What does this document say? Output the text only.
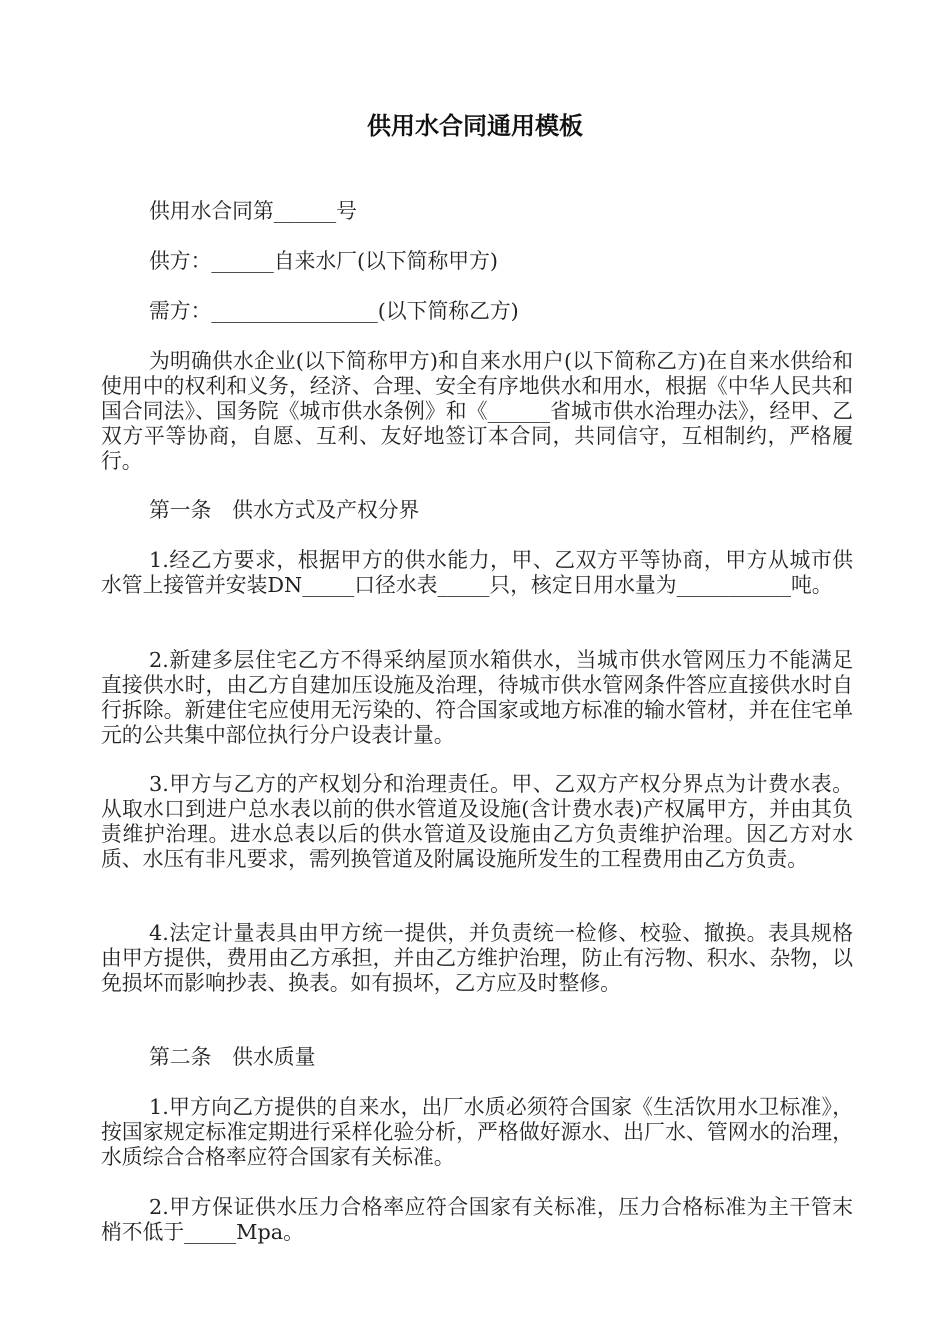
供用水合同通用模板

供用水合同第______号

供方：______自来水厂(以下简称甲方)

需方：________________(以下简称乙方)

为明确供水企业(以下简称甲方)和自来水用户(以下简称乙方)在自来水供给和使用中的权利和义务，经济、合理、安全有序地供水和用水，根据《中华人民共和国合同法》、国务院《城市供水条例》和《______省城市供水治理办法》，经甲、乙双方平等协商，自愿、互利、友好地签订本合同，共同信守，互相制约，严格履行。

第一条　供水方式及产权分界

1.经乙方要求，根据甲方的供水能力，甲、乙双方平等协商，甲方从城市供水管上接管并安装DN_____口径水表_____只，核定日用水量为___________吨。

2.新建多层住宅乙方不得采纳屋顶水箱供水，当城市供水管网压力不能满足直接供水时，由乙方自建加压设施及治理，待城市供水管网条件答应直接供水时自行拆除。新建住宅应使用无污染的、符合国家或地方标准的输水管材，并在住宅单元的公共集中部位执行分户设表计量。

3.甲方与乙方的产权划分和治理责任。甲、乙双方产权分界点为计费水表。从取水口到进户总水表以前的供水管道及设施(含计费水表)产权属甲方，并由其负责维护治理。进水总表以后的供水管道及设施由乙方负责维护治理。因乙方对水质、水压有非凡要求，需列换管道及附属设施所发生的工程费用由乙方负责。

4.法定计量表具由甲方统一提供，并负责统一检修、校验、撤换。表具规格由甲方提供，费用由乙方承担，并由乙方维护治理，防止有污物、积水、杂物，以免损坏而影响抄表、换表。如有损坏，乙方应及时整修。

第二条　供水质量

1.甲方向乙方提供的自来水，出厂水质必须符合国家《生活饮用水卫标准》，按国家规定标准定期进行采样化验分析，严格做好源水、出厂水、管网水的治理，水质综合合格率应符合国家有关标准。

2.甲方保证供水压力合格率应符合国家有关标准，压力合格标准为主干管末梢不低于_____Mpa。
